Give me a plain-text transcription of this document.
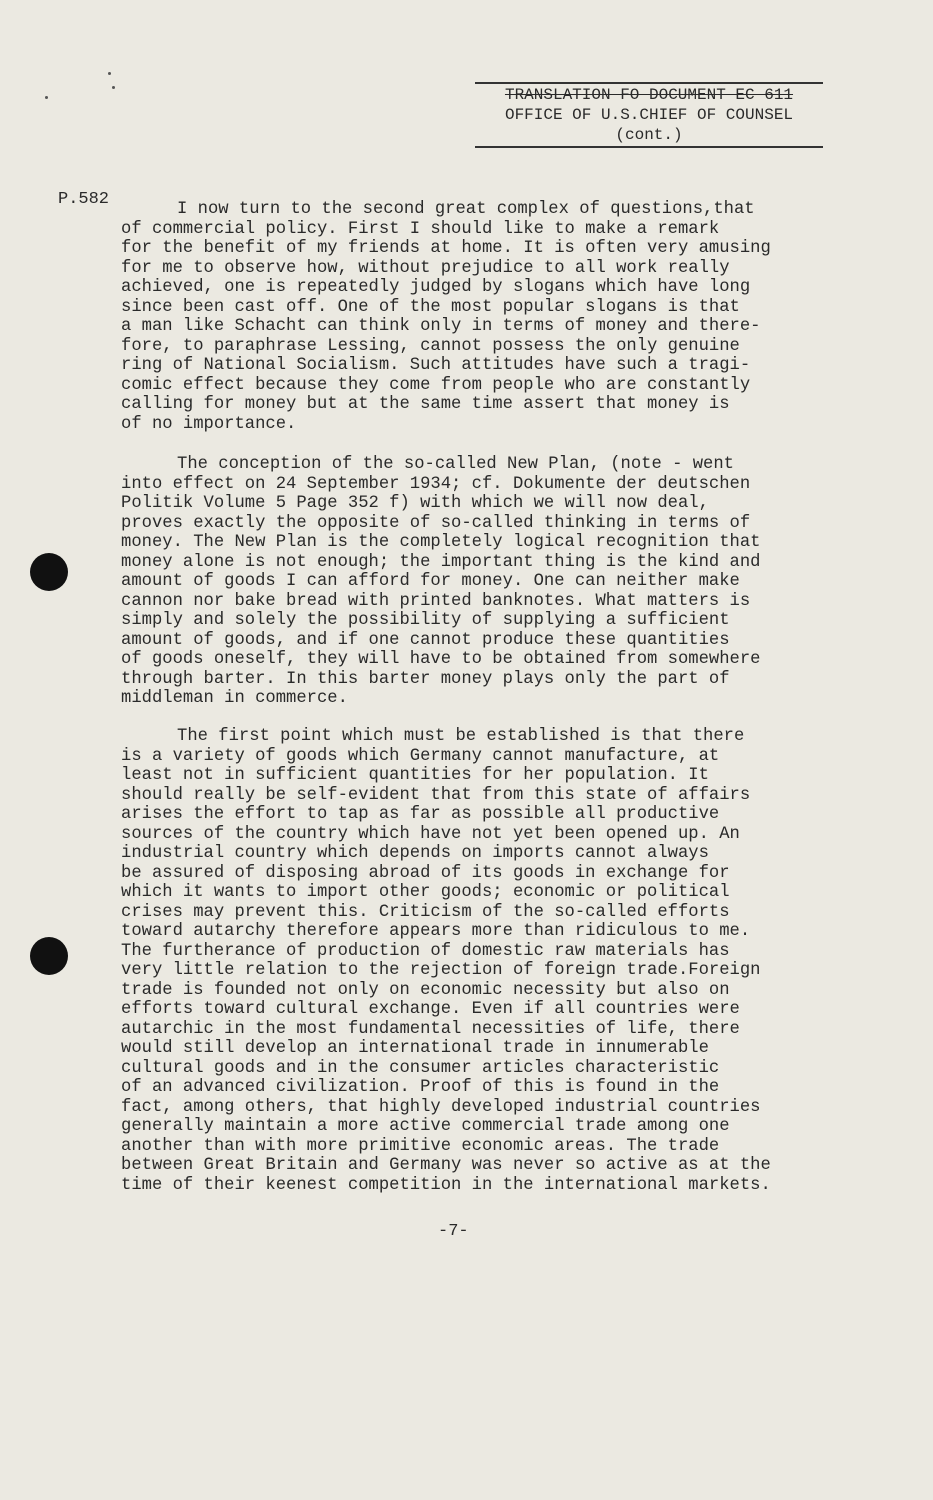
TRANSLATION FO DOCUMENT EC 611
OFFICE OF U.S.CHIEF OF COUNSEL
(cont.)
P.582
I now turn to the second great complex of questions,that
of commercial policy. First I should like to make a remark
for the benefit of my friends at home. It is often very amusing
for me to observe how, without prejudice to all work really
achieved, one is repeatedly judged by slogans which have long
since been cast off. One of the most popular slogans is that
a man like Schacht can think only in terms of money and there-
fore, to paraphrase Lessing, cannot possess the only genuine
ring of National Socialism. Such attitudes have such a tragi-
comic effect because they come from people who are constantly
calling for money but at the same time assert that money is
of no importance.
The conception of the so-called New Plan, (note - went
into effect on 24 September 1934; cf. Dokumente der deutschen
Politik Volume 5 Page 352 f) with which we will now deal,
proves exactly the opposite of so-called thinking in terms of
money. The New Plan is the completely logical recognition that
money alone is not enough; the important thing is the kind and
amount of goods I can afford for money. One can neither make
cannon nor bake bread with printed banknotes. What matters is
simply and solely the possibility of supplying a sufficient
amount of goods, and if one cannot produce these quantities
of goods oneself, they will have to be obtained from somewhere
through barter. In this barter money plays only the part of
middleman in commerce.
The first point which must be established is that there
is a variety of goods which Germany cannot manufacture, at
least not in sufficient quantities for her population. It
should really be self-evident that from this state of affairs
arises the effort to tap as far as possible all productive
sources of the country which have not yet been opened up. An
industrial country which depends on imports cannot always
be assured of disposing abroad of its goods in exchange for
which it wants to import other goods; economic or political
crises may prevent this. Criticism of the so-called efforts
toward autarchy therefore appears more than ridiculous to me.
The furtherance of production of domestic raw materials has
very little relation to the rejection of foreign trade.Foreign
trade is founded not only on economic necessity but also on
efforts toward cultural exchange. Even if all countries were
autarchic in the most fundamental necessities of life, there
would still develop an international trade in innumerable
cultural goods and in the consumer articles characteristic
of an advanced civilization. Proof of this is found in the
fact, among others, that highly developed industrial countries
generally maintain a more active commercial trade among one
another than with more primitive economic areas. The trade
between Great Britain and Germany was never so active as at the
time of their keenest competition in the international markets.
-7-
